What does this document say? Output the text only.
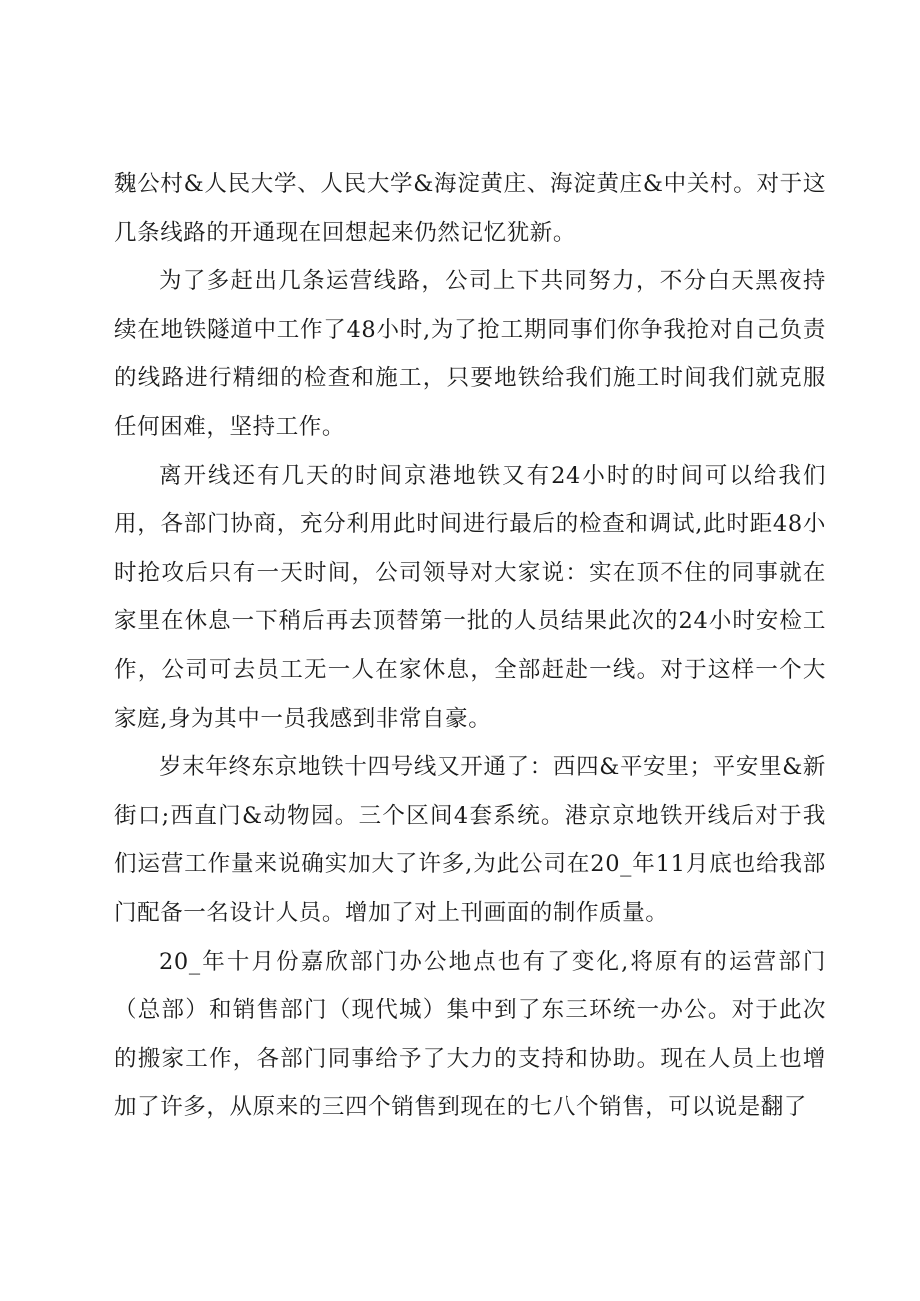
魏公村&人民大学、人民大学&海淀黄庄、海淀黄庄&中关村。对于这几条线路的开通现在回想起来仍然记忆犹新。

为了多赶出几条运营线路，公司上下共同努力，不分白天黑夜持续在地铁隧道中工作了48小时,为了抢工期同事们你争我抢对自己负责的线路进行精细的检查和施工，只要地铁给我们施工时间我们就克服任何困难，坚持工作。

离开线还有几天的时间京港地铁又有24小时的时间可以给我们用，各部门协商，充分利用此时间进行最后的检查和调试,此时距48小时抢攻后只有一天时间，公司领导对大家说：实在顶不住的同事就在家里在休息一下稍后再去顶替第一批的人员结果此次的24小时安检工作，公司可去员工无一人在家休息，全部赶赴一线。对于这样一个大家庭,身为其中一员我感到非常自豪。

岁末年终东京地铁十四号线又开通了：西四&平安里；平安里&新街口;西直门&动物园。三个区间4套系统。港京京地铁开线后对于我们运营工作量来说确实加大了许多,为此公司在20_年11月底也给我部门配备一名设计人员。增加了对上刊画面的制作质量。

20_年十月份嘉欣部门办公地点也有了变化,将原有的运营部门（总部）和销售部门（现代城）集中到了东三环统一办公。对于此次的搬家工作，各部门同事给予了大力的支持和协助。现在人员上也增加了许多，从原来的三四个销售到现在的七八个销售，可以说是翻了
